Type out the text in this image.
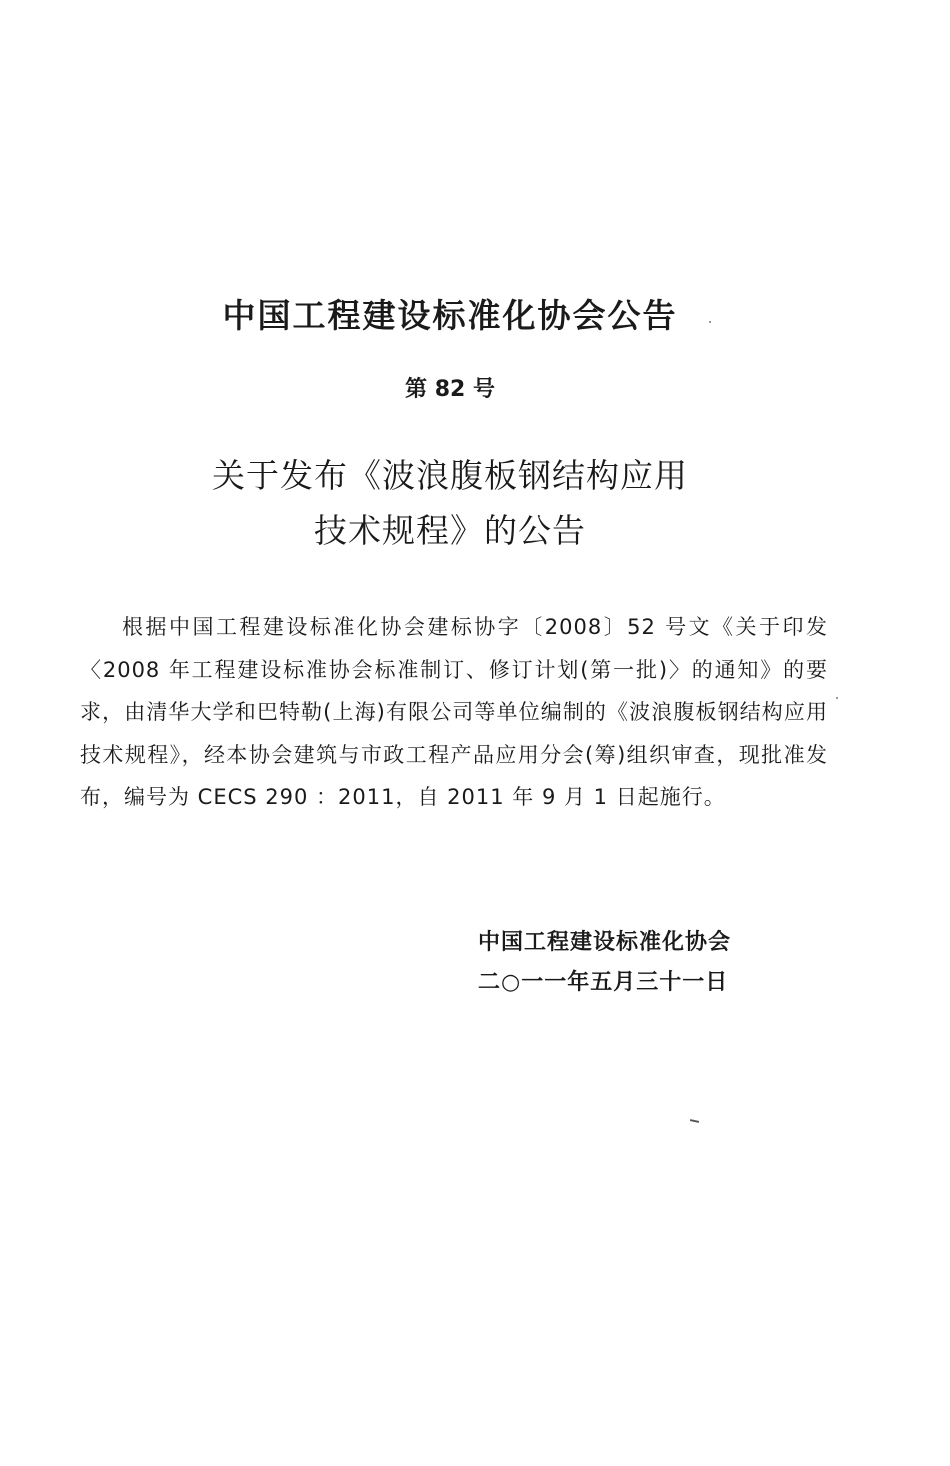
中国工程建设标准化协会公告
第 82 号
关于发布《波浪腹板钢结构应用
技术规程》的公告
根据中国工程建设标准化协会建标协字〔2008〕52 号文《关于印发〈2008 年工程建设标准协会标准制订、修订计划(第一批)〉的通知》的要求，由清华大学和巴特勒(上海)有限公司等单位编制的《波浪腹板钢结构应用技术规程》，经本协会建筑与市政工程产品应用分会(筹)组织审查，现批准发布，编号为 CECS 290 ：2011，自 2011 年 9 月 1 日起施行。
中国工程建设标准化协会
二○一一年五月三十一日
